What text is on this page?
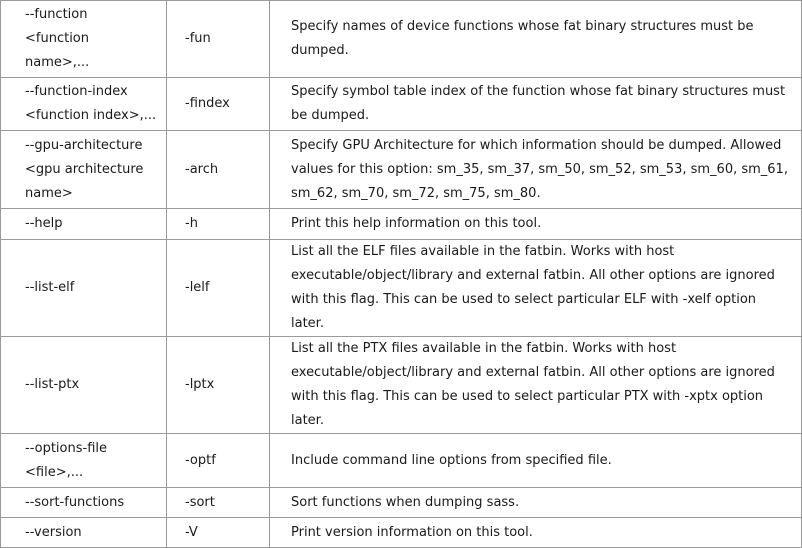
--function
<function
name>,...	-fun	Specify names of device functions whose fat binary structures must be dumped.

--function-index
<function index>,...	-findex	Specify symbol table index of the function whose fat binary structures must be dumped.

--gpu-architecture
<gpu architecture
name>	-arch	Specify GPU Architecture for which information should be dumped. Allowed values for this option: sm_35, sm_37, sm_50, sm_52, sm_53, sm_60, sm_61, sm_62, sm_70, sm_72, sm_75, sm_80.

--help	-h	Print this help information on this tool.

--list-elf	-lelf	List all the ELF files available in the fatbin. Works with host executable/object/library and external fatbin. All other options are ignored with this flag. This can be used to select particular ELF with -xelf option later.

--list-ptx	-lptx	List all the PTX files available in the fatbin. Works with host executable/object/library and external fatbin. All other options are ignored with this flag. This can be used to select particular PTX with -xptx option later.

--options-file
<file>,...	-optf	Include command line options from specified file.

--sort-functions	-sort	Sort functions when dumping sass.

--version	-V	Print version information on this tool.
